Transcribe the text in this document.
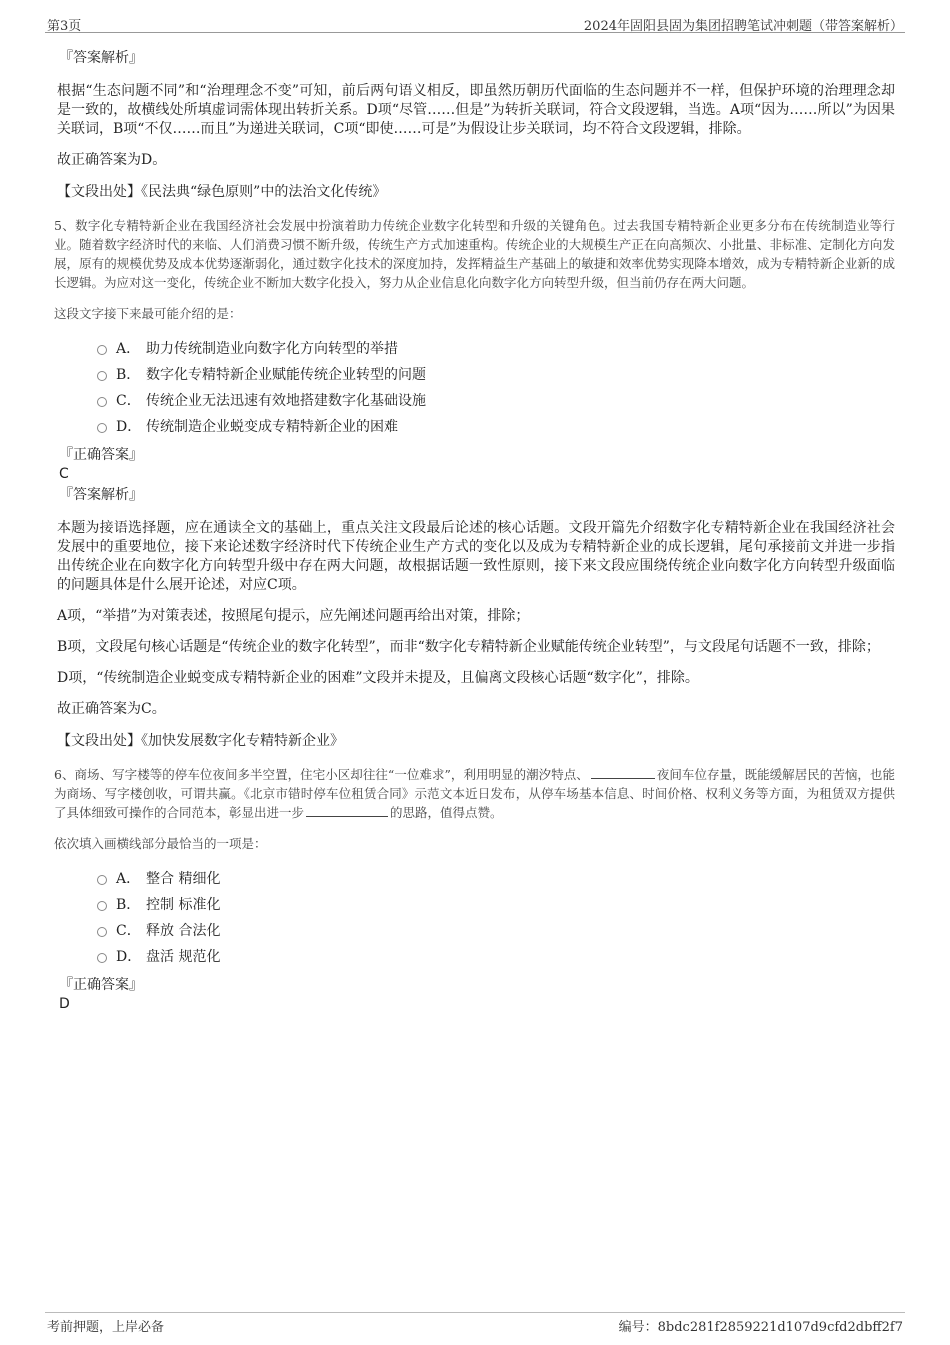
第3页	2024年固阳县固为集团招聘笔试冲刺题（带答案解析）
『答案解析』

根据“生态问题不同”和“治理理念不变”可知，前后两句语义相反，即虽然历朝历代面临的生态问题并不一样，但保护环境的治理理念却是一致的，故横线处所填虚词需体现出转折关系。D项“尽管……但是”为转折关联词，符合文段逻辑，当选。A项“因为……所以”为因果关联词，B项“不仅……而且”为递进关联词，C项“即使……可是”为假设让步关联词，均不符合文段逻辑，排除。

故正确答案为D。

【文段出处】《民法典“绿色原则”中的法治文化传统》

5、数字化专精特新企业在我国经济社会发展中扮演着助力传统企业数字化转型和升级的关键角色。过去我国专精特新企业更多分布在传统制造业等行业。随着数字经济时代的来临、人们消费习惯不断升级，传统生产方式加速重构。传统企业的大规模生产正在向高频次、小批量、非标准、定制化方向发展，原有的规模优势及成本优势逐渐弱化，通过数字化技术的深度加持，发挥精益生产基础上的敏捷和效率优势实现降本增效，成为专精特新企业新的成长逻辑。为应对这一变化，传统企业不断加大数字化投入，努力从企业信息化向数字化方向转型升级，但当前仍存在两大问题。

这段文字接下来最可能介绍的是：

A． 助力传统制造业向数字化方向转型的举措
B． 数字化专精特新企业赋能传统企业转型的问题
C． 传统企业无法迅速有效地搭建数字化基础设施
D． 传统制造企业蜕变成专精特新企业的困难
『正确答案』
C
『答案解析』

本题为接语选择题，应在通读全文的基础上，重点关注文段最后论述的核心话题。文段开篇先介绍数字化专精特新企业在我国经济社会发展中的重要地位，接下来论述数字经济时代下传统企业生产方式的变化以及成为专精特新企业的成长逻辑，尾句承接前文并进一步指出传统企业在向数字化方向转型升级中存在两大问题，故根据话题一致性原则，接下来文段应围绕传统企业向数字化方向转型升级面临的问题具体是什么展开论述，对应C项。

A项，“举措”为对策表述，按照尾句提示，应先阐述问题再给出对策，排除；

B项，文段尾句核心话题是“传统企业的数字化转型”，而非“数字化专精特新企业赋能传统企业转型”，与文段尾句话题不一致，排除；

D项，“传统制造企业蜕变成专精特新企业的困难”文段并未提及，且偏离文段核心话题“数字化”，排除。

故正确答案为C。

【文段出处】《加快发展数字化专精特新企业》

6、商场、写字楼等的停车位夜间多半空置，住宅小区却往往“一位难求”，利用明显的潮汐特点、	夜间车位存量，既能缓解居民的苦恼，也能为商场、写字楼创收，可谓共赢。《北京市错时停车位租赁合同》示范文本近日发布，从停车场基本信息、时间价格、权利义务等方面，为租赁双方提供了具体细致可操作的合同范本，彰显出进一步	的思路，值得点赞。

依次填入画横线部分最恰当的一项是：

A． 整合 精细化
B． 控制 标准化
C． 释放 合法化
D． 盘活 规范化
『正确答案』
D
考前押题，上岸必备	编号：8bdc281f2859221d107d9cfd2dbff2f7
